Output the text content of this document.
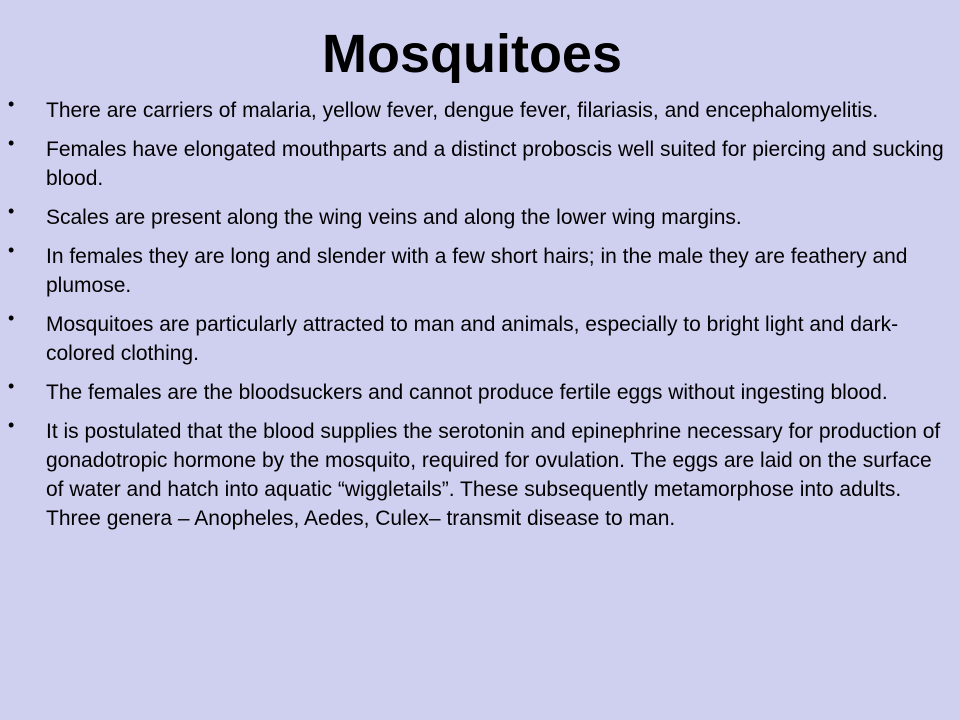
Mosquitoes
• There are carriers of malaria, yellow fever, dengue fever, filariasis, and encephalomyelitis.
• Females have elongated mouthparts and a distinct proboscis well suited for piercing and sucking blood.
• Scales are present along the wing veins and along the lower wing margins.
• In females they are long and slender with a few short hairs; in the male they are feathery and plumose.
• Mosquitoes are particularly attracted to man and animals, especially to bright light and dark-colored clothing.
• The females are the bloodsuckers and cannot produce fertile eggs without ingesting blood.
• It is postulated that the blood supplies the serotonin and epinephrine necessary for production of gonadotropic hormone by the mosquito, required for ovulation. The eggs are laid on the surface of water and hatch into aquatic “wiggletails”. These subsequently metamorphose into adults. Three genera – Anopheles, Aedes, Culex– transmit disease to man.
